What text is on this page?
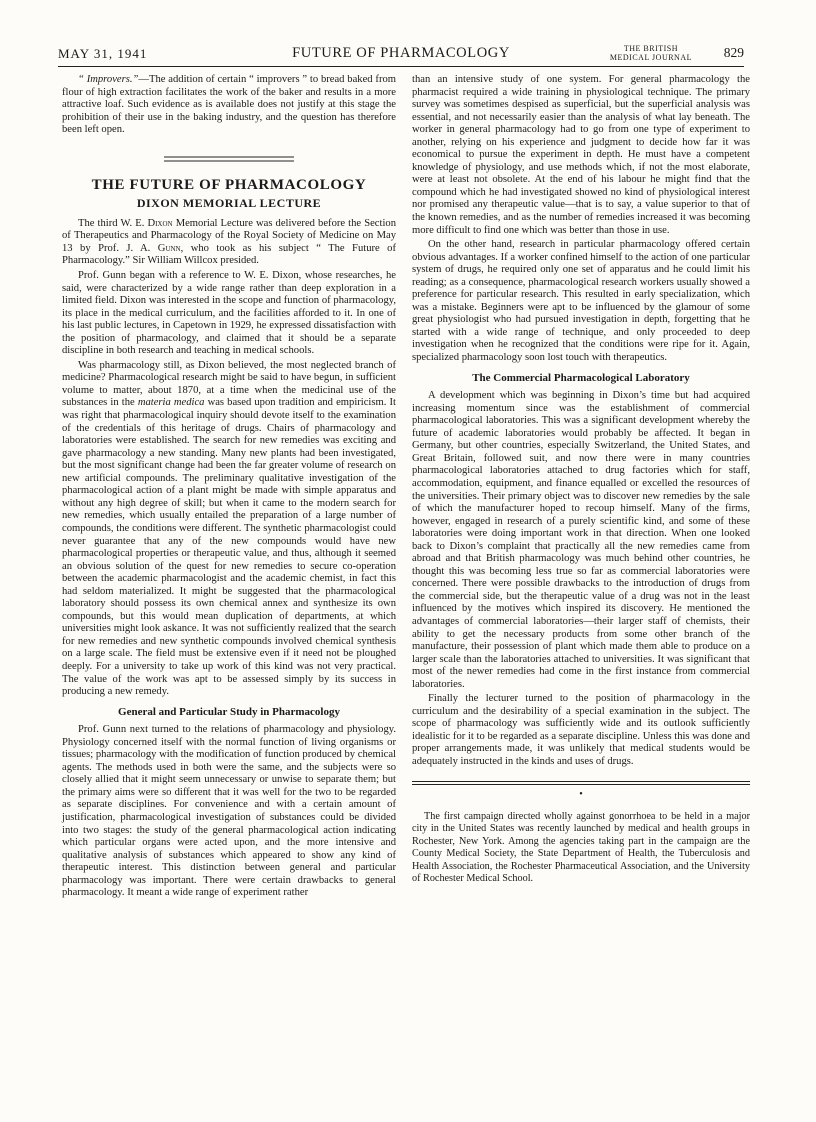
MAY 31, 1941	FUTURE OF PHARMACOLOGY	THE BRITISH
MEDICAL JOURNAL 829

“ Improvers.”—The addition of certain “ improvers ” to bread baked from flour of high extraction facilitates the work of the baker and results in a more attractive loaf. Such evidence as is available does not justify at this stage the prohibition of their use in the baking industry, and the question has therefore been left open.

THE FUTURE OF PHARMACOLOGY
DIXON MEMORIAL LECTURE

The third W. E. Dixon Memorial Lecture was delivered before the Section of Therapeutics and Pharmacology of the Royal Society of Medicine on May 13 by Prof. J. A. Gunn, who took as his subject “ The Future of Pharmacology.” Sir William Willcox presided.

Prof. Gunn began with a reference to W. E. Dixon, whose researches, he said, were characterized by a wide range rather than deep exploration in a limited field. Dixon was interested in the scope and function of pharmacology, its place in the medical curriculum, and the facilities afforded to it. In one of his last public lectures, in Capetown in 1929, he expressed dissatisfaction with the position of pharmacology, and claimed that it should be a separate discipline in both research and teaching in medical schools.

Was pharmacology still, as Dixon believed, the most neglected branch of medicine? Pharmacological research might be said to have begun, in sufficient volume to matter, about 1870, at a time when the medicinal use of the substances in the materia medica was based upon tradition and empiricism. It was right that pharmacological inquiry should devote itself to the examination of the credentials of this heritage of drugs. Chairs of pharmacology and laboratories were established. The search for new remedies was exciting and gave pharmacology a new standing. Many new plants had been investigated, but the most significant change had been the far greater volume of research on new artificial compounds. The preliminary qualitative investigation of the pharmacological action of a plant might be made with simple apparatus and without any high degree of skill; but when it came to the modern search for new remedies, which usually entailed the preparation of a large number of compounds, the conditions were different. The synthetic pharmacologist could never guarantee that any of the new compounds would have new pharmacological properties or therapeutic value, and thus, although it seemed an obvious solution of the quest for new remedies to secure co-operation between the academic pharmacologist and the academic chemist, in fact this had seldom materialized. It might be suggested that the pharmacological laboratory should possess its own chemical annex and synthesize its own compounds, but this would mean duplication of departments, at which universities might look askance. It was not sufficiently realized that the search for new remedies and new synthetic compounds involved chemical synthesis on a large scale. The field must be extensive even if it need not be ploughed deeply. For a university to take up work of this kind was not very practical. The value of the work was apt to be assessed simply by its success in producing a new remedy.

General and Particular Study in Pharmacology

Prof. Gunn next turned to the relations of pharmacology and physiology. Physiology concerned itself with the normal function of living organisms or tissues; pharmacology with the modification of function produced by chemical agents. The methods used in both were the same, and the subjects were so closely allied that it might seem unnecessary or unwise to separate them; but the primary aims were so different that it was well for the two to be regarded as separate disciplines. For convenience and with a certain amount of justification, pharmacological investigation of substances could be divided into two stages: the study of the general pharmacological action indicating which particular organs were acted upon, and the more intensive and qualitative analysis of substances which appeared to show any kind of therapeutic interest. This distinction between general and particular pharmacology was important. There were certain drawbacks to general pharmacology. It meant a wide range of experiment rather

than an intensive study of one system. For general pharmacology the pharmacist required a wide training in physiological technique. The primary survey was sometimes despised as superficial, but the superficial analysis was essential, and not necessarily easier than the analysis of what lay beneath. The worker in general pharmacology had to go from one type of experiment to another, relying on his experience and judgment to decide how far it was economical to pursue the experiment in depth. He must have a competent knowledge of physiology, and use methods which, if not the most elaborate, were at least not obsolete. At the end of his labour he might find that the compound which he had investigated showed no kind of physiological interest nor promised any therapeutic value—that is to say, a value superior to that of the known remedies, and as the number of remedies increased it was becoming more difficult to find one which was better than those in use.

On the other hand, research in particular pharmacology offered certain obvious advantages. If a worker confined himself to the action of one particular system of drugs, he required only one set of apparatus and he could limit his reading; as a consequence, pharmacological research workers usually showed a preference for particular research. This resulted in early specialization, which was a mistake. Beginners were apt to be influenced by the glamour of some great physiologist who had pursued investigation in depth, forgetting that he started with a wide range of technique, and only proceeded to deep investigation when he recognized that the conditions were ripe for it. Again, specialized pharmacology soon lost touch with therapeutics.

The Commercial Pharmacological Laboratory

A development which was beginning in Dixon’s time but had acquired increasing momentum since was the establishment of commercial pharmacological laboratories. This was a significant development whereby the future of academic laboratories would probably be affected. It began in Germany, but other countries, especially Switzerland, the United States, and Great Britain, followed suit, and now there were in many countries pharmacological laboratories attached to drug factories which for staff, accommodation, equipment, and finance equalled or excelled the resources of the universities. Their primary object was to discover new remedies by the sale of which the manufacturer hoped to recoup himself. Many of the firms, however, engaged in research of a purely scientific kind, and some of these laboratories were doing important work in that direction. When one looked back to Dixon’s complaint that practically all the new remedies came from abroad and that British pharmacology was much behind other countries, he thought this was becoming less true so far as commercial laboratories were concerned. There were possible drawbacks to the introduction of drugs from the commercial side, but the therapeutic value of a drug was not in the least influenced by the motives which inspired its discovery. He mentioned the advantages of commercial laboratories—their larger staff of chemists, their ability to get the necessary products from some other branch of the manufacture, their possession of plant which made them able to produce on a larger scale than the laboratories attached to universities. It was significant that most of the newer remedies had come in the first instance from commercial laboratories.

Finally the lecturer turned to the position of pharmacology in the curriculum and the desirability of a special examination in the subject. The scope of pharmacology was sufficiently wide and its outlook sufficiently idealistic for it to be regarded as a separate discipline. Unless this was done and proper arrangements made, it was unlikely that medical students would be adequately instructed in the kinds and uses of drugs.

•

The first campaign directed wholly against gonorrhoea to be held in a major city in the United States was recently launched by medical and health groups in Rochester, New York. Among the agencies taking part in the campaign are the County Medical Society, the State Department of Health, the Tuberculosis and Health Association, the Rochester Pharmaceutical Association, and the University of Rochester Medical School.
